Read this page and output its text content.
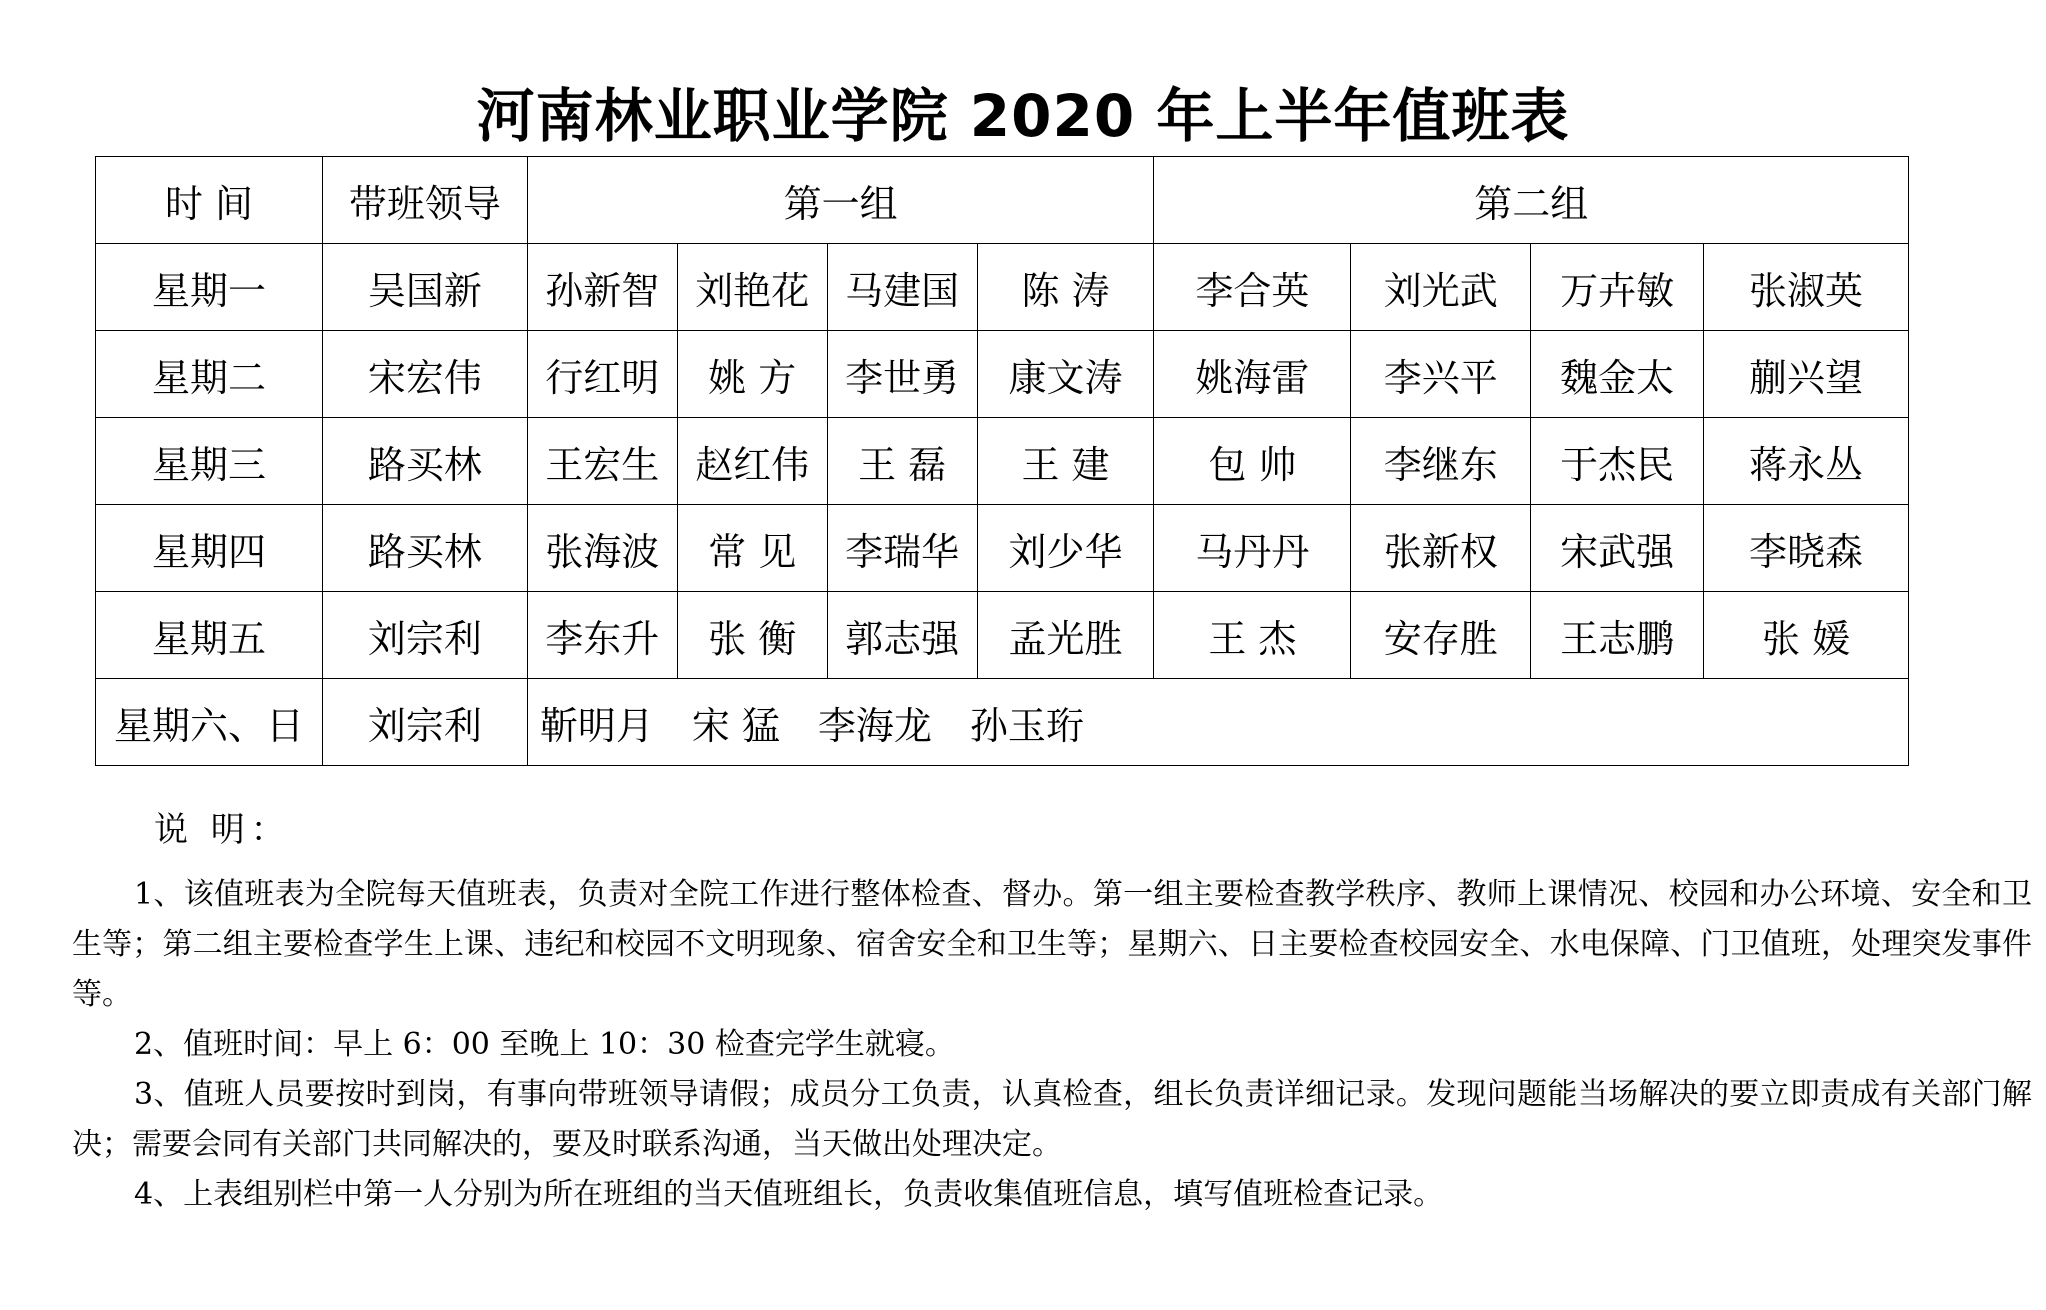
河南林业职业学院 2020 年上半年值班表
时 间	带班领导	第一组				第二组			
星期一	吴国新	孙新智	刘艳花	马建国	陈 涛	李合英	刘光武	万卉敏	张淑英
星期二	宋宏伟	行红明	姚 方	李世勇	康文涛	姚海雷	李兴平	魏金太	蒯兴望
星期三	路买林	王宏生	赵红伟	王 磊	王 建	包 帅	李继东	于杰民	蒋永丛
星期四	路买林	张海波	常 见	李瑞华	刘少华	马丹丹	张新权	宋武强	李晓森
星期五	刘宗利	李东升	张 衡	郭志强	孟光胜	王 杰	安存胜	王志鹏	张 媛
星期六、日	刘宗利	靳明月　宋 猛　李海龙　孙玉珩							
说 明：

1、该值班表为全院每天值班表，负责对全院工作进行整体检查、督办。第一组主要检查教学秩序、教师上课情况、校园和办公环境、安全和卫生等；第二组主要检查学生上课、违纪和校园不文明现象、宿舍安全和卫生等；星期六、日主要检查校园安全、水电保障、门卫值班，处理突发事件等。

2、值班时间：早上 6：00 至晚上 10：30 检查完学生就寝。

3、值班人员要按时到岗，有事向带班领导请假；成员分工负责，认真检查，组长负责详细记录。发现问题能当场解决的要立即责成有关部门解决；需要会同有关部门共同解决的，要及时联系沟通，当天做出处理决定。

4、上表组别栏中第一人分别为所在班组的当天值班组长，负责收集值班信息，填写值班检查记录。
